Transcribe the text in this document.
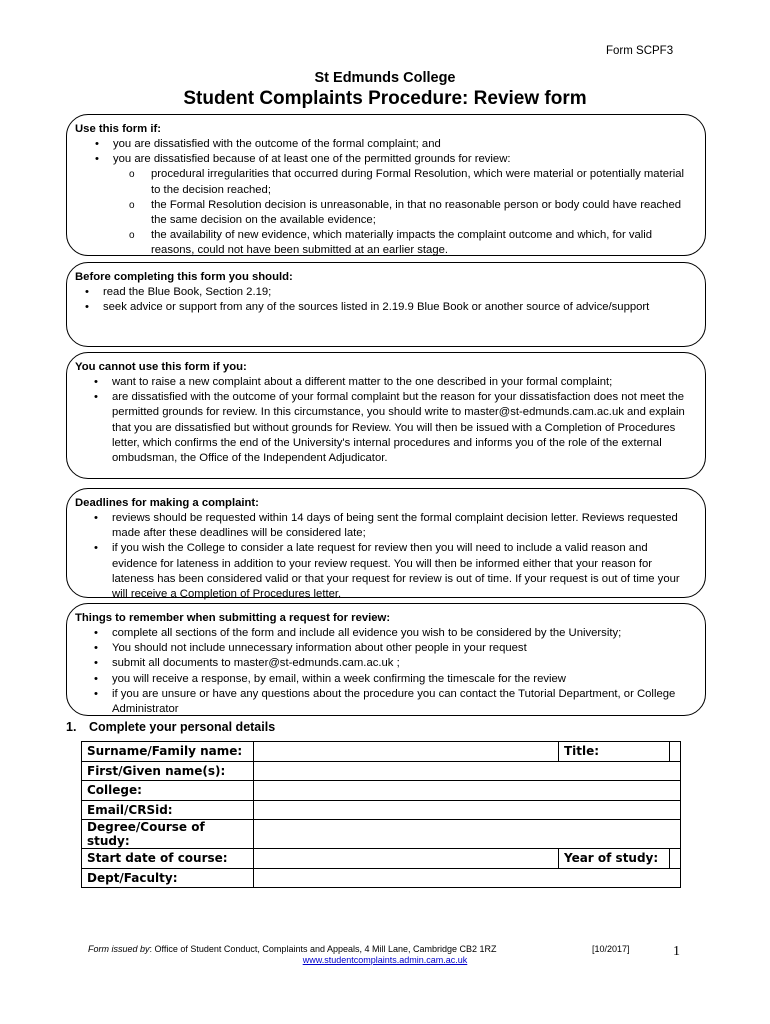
Form SCPF3
St Edmunds College
Student Complaints Procedure: Review form
Use this form if:
• you are dissatisfied with the outcome of the formal complaint; and
• you are dissatisfied because of at least one of the permitted grounds for review:
o procedural irregularities that occurred during Formal Resolution, which were material or potentially material to the decision reached;
o the Formal Resolution decision is unreasonable, in that no reasonable person or body could have reached the same decision on the available evidence;
o the availability of new evidence, which materially impacts the complaint outcome and which, for valid reasons, could not have been submitted at an earlier stage.
Before completing this form you should:
• read the Blue Book, Section 2.19;
• seek advice or support from any of the sources listed in 2.19.9 Blue Book or another source of advice/support
You cannot use this form if you:
• want to raise a new complaint about a different matter to the one described in your formal complaint;
• are dissatisfied with the outcome of your formal complaint but the reason for your dissatisfaction does not meet the permitted grounds for review. In this circumstance, you should write to master@st-edmunds.cam.ac.uk and explain that you are dissatisfied but without grounds for Review. You will then be issued with a Completion of Procedures letter, which confirms the end of the University's internal procedures and informs you of the role of the external ombudsman, the Office of the Independent Adjudicator.
Deadlines for making a complaint:
• reviews should be requested within 14 days of being sent the formal complaint decision letter. Reviews requested made after these deadlines will be considered late;
• if you wish the College to consider a late request for review then you will need to include a valid reason and evidence for lateness in addition to your review request. You will then be informed either that your reason for lateness has been considered valid or that your request for review is out of time. If your request is out of time your will receive a Completion of Procedures letter.
Things to remember when submitting a request for review:
• complete all sections of the form and include all evidence you wish to be considered by the University;
• You should not include unnecessary information about other people in your request
• submit all documents to master@st-edmunds.cam.ac.uk ;
• you will receive a response, by email, within a week confirming the timescale for the review
• if you are unsure or have any questions about the procedure you can contact the Tutorial Department, or College Administrator
1. Complete your personal details
Surname/Family name:		Title:	
First/Given name(s):			
College:			
Email/CRSid:			
Degree/Course of study:			
Start date of course:		Year of study:	
Dept/Faculty:			
Form issued by: Office of Student Conduct, Complaints and Appeals, 4 Mill Lane, Cambridge CB2 1RZ	[10/2017]	1
www.studentcomplaints.admin.cam.ac.uk
